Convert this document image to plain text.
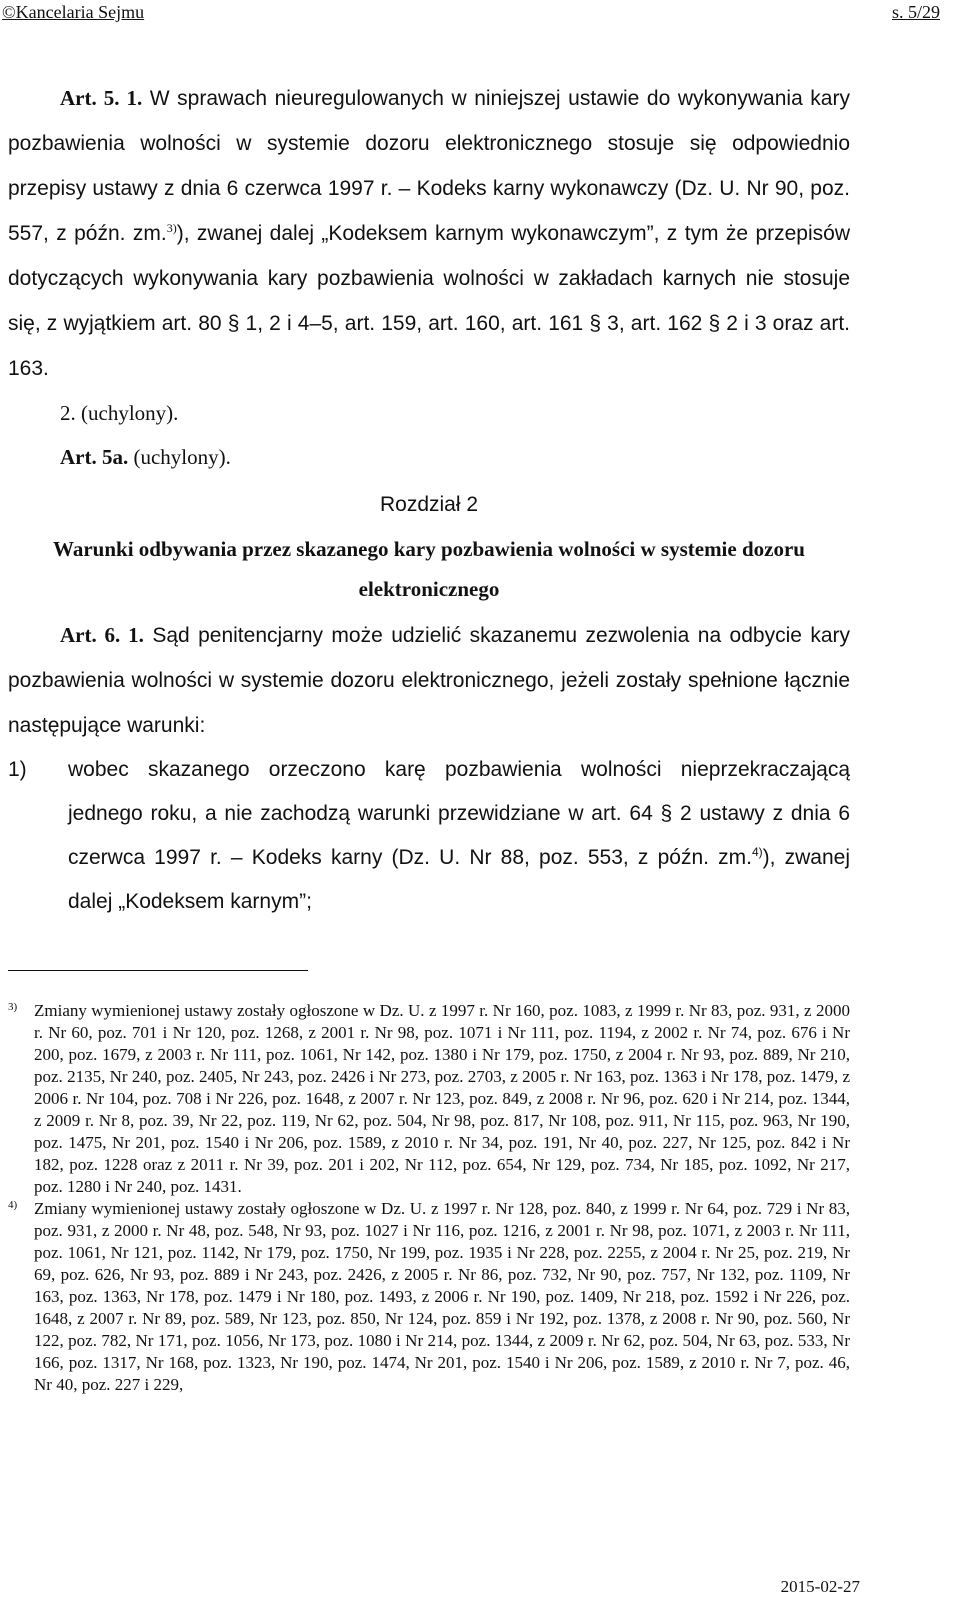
©Kancelaria Sejmu	s. 5/29

Art. 5. 1. W sprawach nieuregulowanych w niniejszej ustawie do wykonywania kary pozbawienia wolności w systemie dozoru elektronicznego stosuje się odpowiednio przepisy ustawy z dnia 6 czerwca 1997 r. – Kodeks karny wykonawczy (Dz. U. Nr 90, poz. 557, z późn. zm.$^{3)}$), zwanej dalej „Kodeksem karnym wykonawczym”, z tym że przepisów dotyczących wykonywania kary pozbawienia wolności w zakładach karnych nie stosuje się, z wyjątkiem art. 80 § 1, 2 i 4–5, art. 159, art. 160, art. 161 § 3, art. 162 § 2 i 3 oraz art. 163.

2. (uchylony).

Art. 5a. (uchylony).

Rozdział 2

Warunki odbywania przez skazanego kary pozbawienia wolności w systemie dozoru elektronicznego

Art. 6. 1. Sąd penitencjarny może udzielić skazanemu zezwolenia na odbycie kary pozbawienia wolności w systemie dozoru elektronicznego, jeżeli zostały spełnione łącznie następujące warunki:

1)	wobec skazanego orzeczono karę pozbawienia wolności nieprzekraczającą jednego roku, a nie zachodzą warunki przewidziane w art. 64 § 2 ustawy z dnia 6 czerwca 1997 r. – Kodeks karny (Dz. U. Nr 88, poz. 553, z późn. zm.$^{4)}$), zwanej dalej „Kodeksem karnym”;
3) Zmiany wymienionej ustawy zostały ogłoszone w Dz. U. z 1997 r. Nr 160, poz. 1083, z 1999 r. Nr 83, poz. 931, z 2000 r. Nr 60, poz. 701 i Nr 120, poz. 1268, z 2001 r. Nr 98, poz. 1071 i Nr 111, poz. 1194, z 2002 r. Nr 74, poz. 676 i Nr 200, poz. 1679, z 2003 r. Nr 111, poz. 1061, Nr 142, poz. 1380 i Nr 179, poz. 1750, z 2004 r. Nr 93, poz. 889, Nr 210, poz. 2135, Nr 240, poz. 2405, Nr 243, poz. 2426 i Nr 273, poz. 2703, z 2005 r. Nr 163, poz. 1363 i Nr 178, poz. 1479, z 2006 r. Nr 104, poz. 708 i Nr 226, poz. 1648, z 2007 r. Nr 123, poz. 849, z 2008 r. Nr 96, poz. 620 i Nr 214, poz. 1344, z 2009 r. Nr 8, poz. 39, Nr 22, poz. 119, Nr 62, poz. 504, Nr 98, poz. 817, Nr 108, poz. 911, Nr 115, poz. 963, Nr 190, poz. 1475, Nr 201, poz. 1540 i Nr 206, poz. 1589, z 2010 r. Nr 34, poz. 191, Nr 40, poz. 227, Nr 125, poz. 842 i Nr 182, poz. 1228 oraz z 2011 r. Nr 39, poz. 201 i 202, Nr 112, poz. 654, Nr 129, poz. 734, Nr 185, poz. 1092, Nr 217, poz. 1280 i Nr 240, poz. 1431.
4) Zmiany wymienionej ustawy zostały ogłoszone w Dz. U. z 1997 r. Nr 128, poz. 840, z 1999 r. Nr 64, poz. 729 i Nr 83, poz. 931, z 2000 r. Nr 48, poz. 548, Nr 93, poz. 1027 i Nr 116, poz. 1216, z 2001 r. Nr 98, poz. 1071, z 2003 r. Nr 111, poz. 1061, Nr 121, poz. 1142, Nr 179, poz. 1750, Nr 199, poz. 1935 i Nr 228, poz. 2255, z 2004 r. Nr 25, poz. 219, Nr 69, poz. 626, Nr 93, poz. 889 i Nr 243, poz. 2426, z 2005 r. Nr 86, poz. 732, Nr 90, poz. 757, Nr 132, poz. 1109, Nr 163, poz. 1363, Nr 178, poz. 1479 i Nr 180, poz. 1493, z 2006 r. Nr 190, poz. 1409, Nr 218, poz. 1592 i Nr 226, poz. 1648, z 2007 r. Nr 89, poz. 589, Nr 123, poz. 850, Nr 124, poz. 859 i Nr 192, poz. 1378, z 2008 r. Nr 90, poz. 560, Nr 122, poz. 782, Nr 171, poz. 1056, Nr 173, poz. 1080 i Nr 214, poz. 1344, z 2009 r. Nr 62, poz. 504, Nr 63, poz. 533, Nr 166, poz. 1317, Nr 168, poz. 1323, Nr 190, poz. 1474, Nr 201, poz. 1540 i Nr 206, poz. 1589, z 2010 r. Nr 7, poz. 46, Nr 40, poz. 227 i 229,
2015-02-27
